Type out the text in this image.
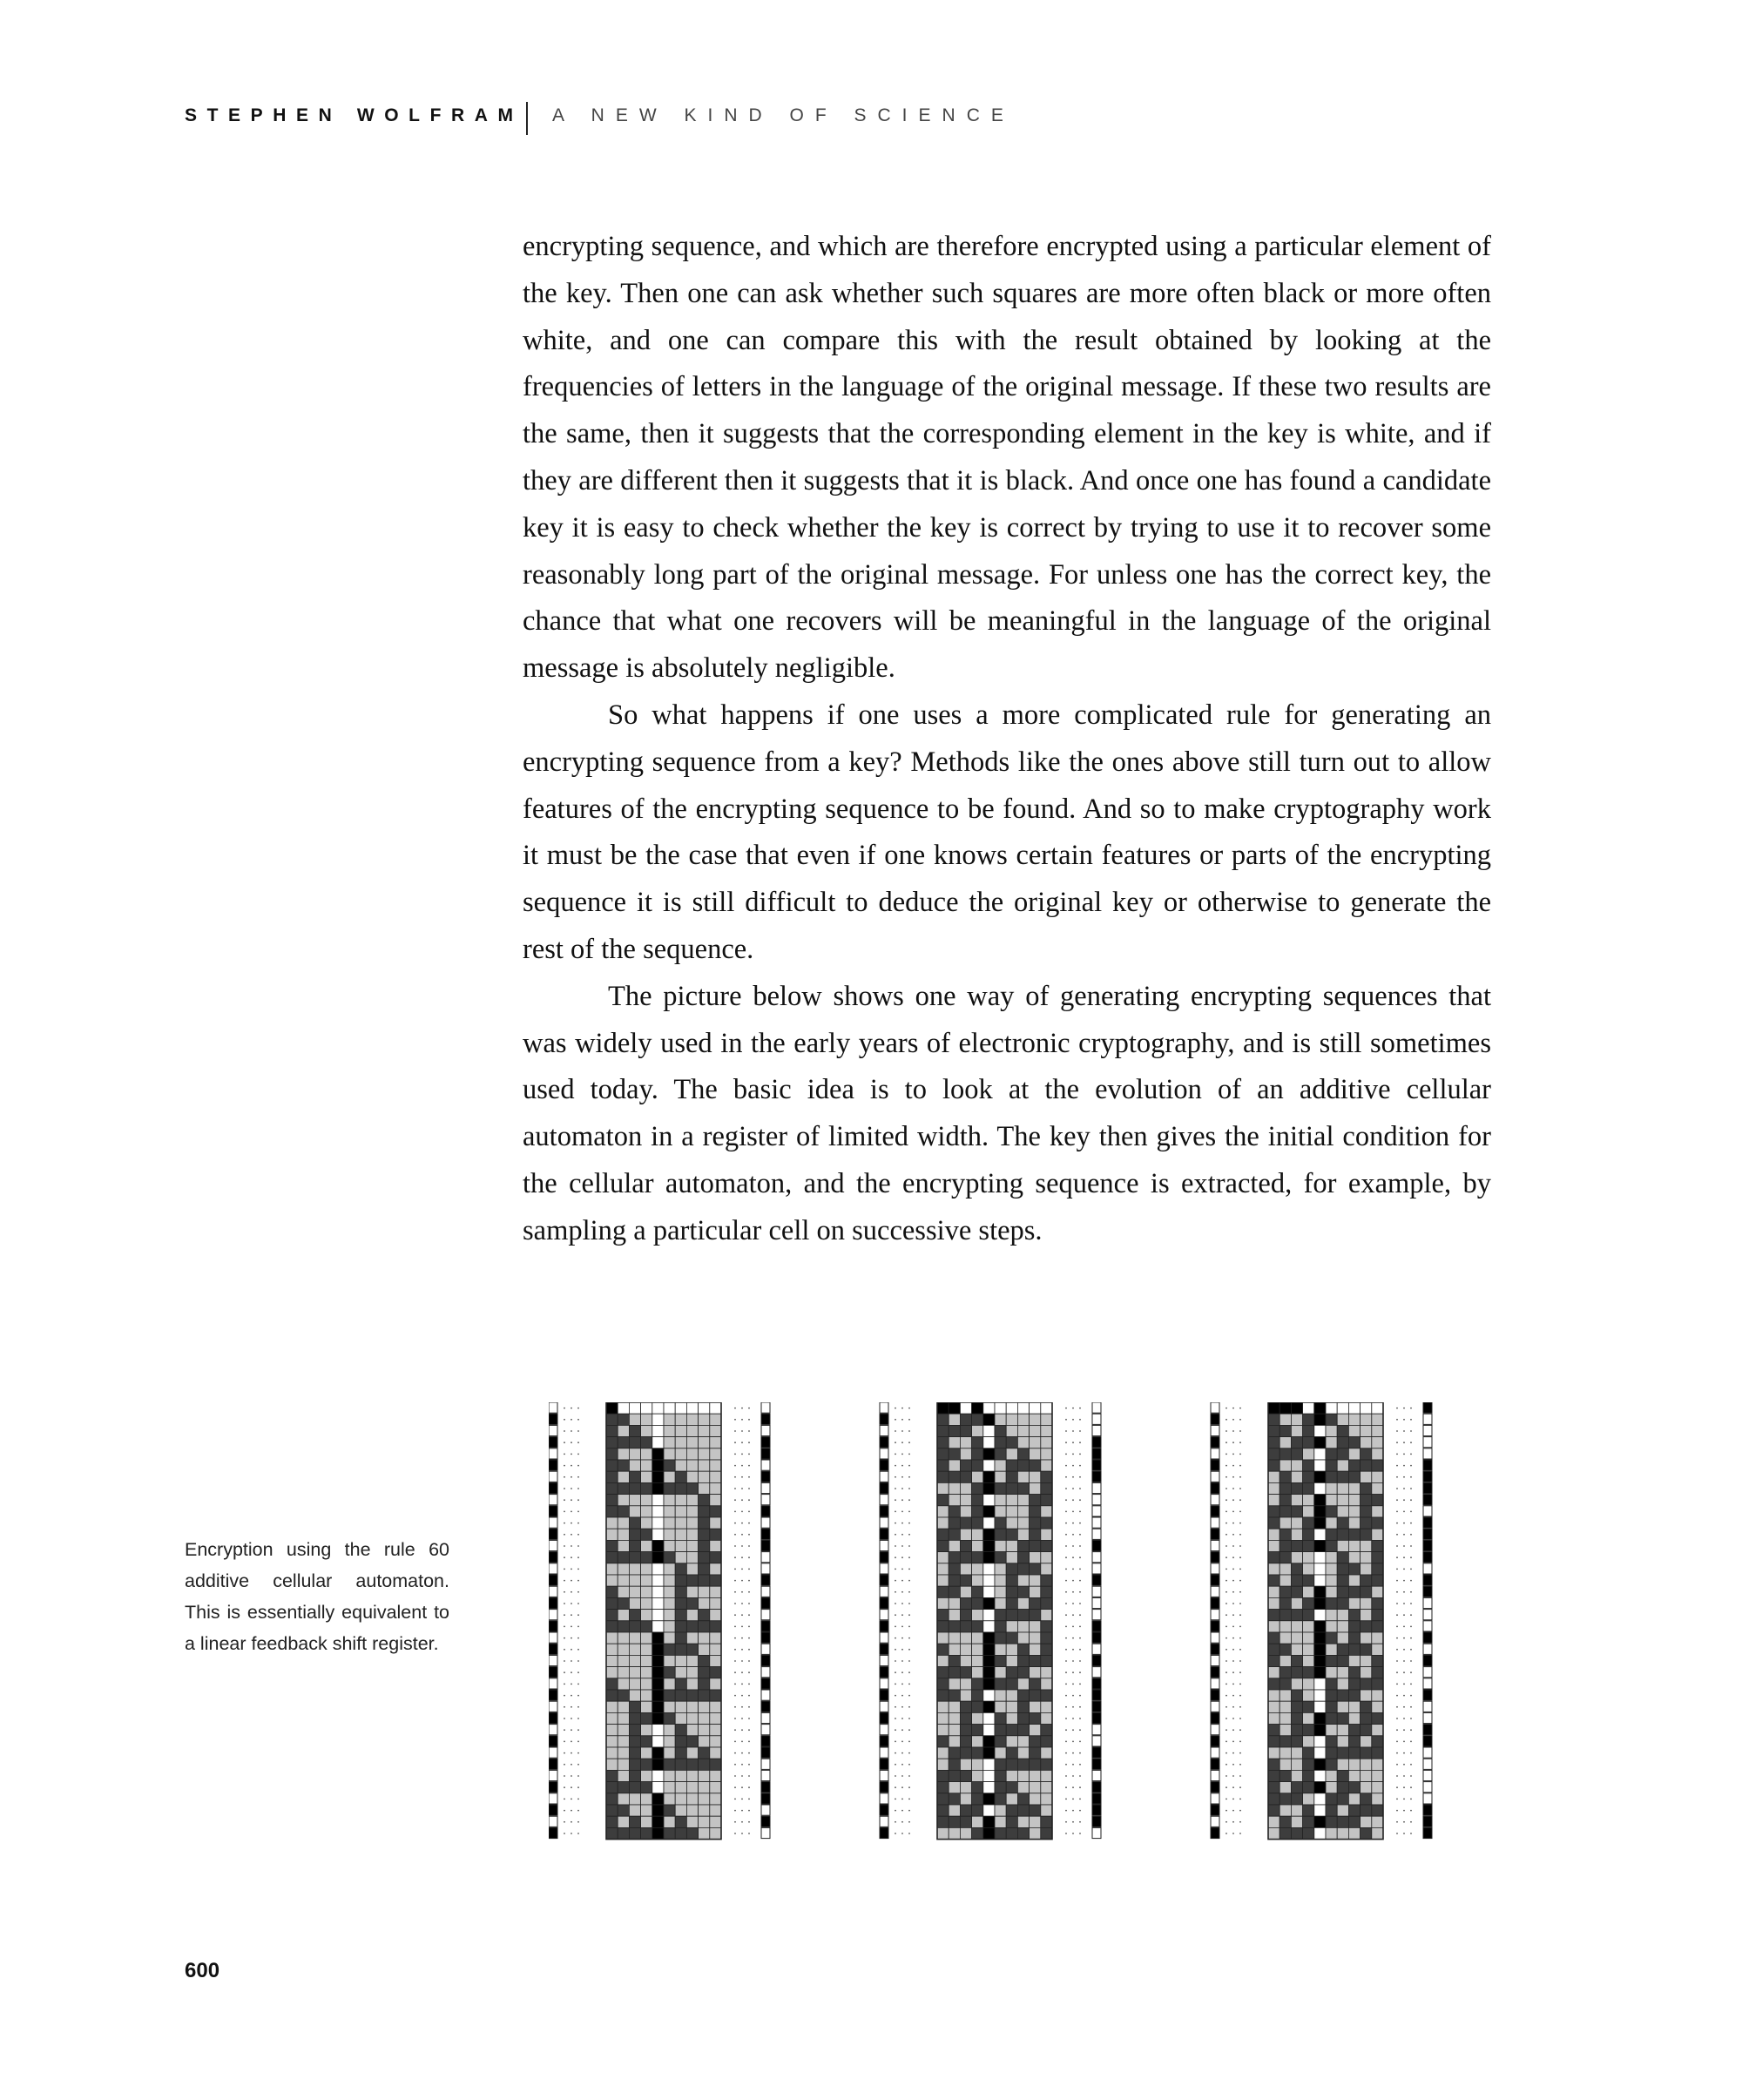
STEPHEN WOLFRAM A NEW KIND OF SCIENCE

encrypting sequence, and which are therefore encrypted using a particular element of the key. Then one can ask whether such squares are more often black or more often white, and one can compare this with the result obtained by looking at the frequencies of letters in the language of the original message. If these two results are the same, then it suggests that the corresponding element in the key is white, and if they are different then it suggests that it is black. And once one has found a candidate key it is easy to check whether the key is correct by trying to use it to recover some reasonably long part of the original message. For unless one has the correct key, the chance that what one recovers will be meaningful in the language of the original message is absolutely negligible.

So what happens if one uses a more complicated rule for generating an encrypting sequence from a key? Methods like the ones above still turn out to allow features of the encrypting sequence to be found. And so to make cryptography work it must be the case that even if one knows certain features or parts of the encrypting sequence it is still difficult to deduce the original key or otherwise to generate the rest of the sequence.

The picture below shows one way of generating encrypting sequences that was widely used in the early years of electronic cryptography, and is still sometimes used today. The basic idea is to look at the evolution of an additive cellular automaton in a register of limited width. The key then gives the initial condition for the cellular automaton, and the encrypting sequence is extracted, for example, by sampling a particular cell on successive steps.

Encryption using the rule 60 additive cellular automaton. This is essentially equivalent to a linear feedback shift register.
600
